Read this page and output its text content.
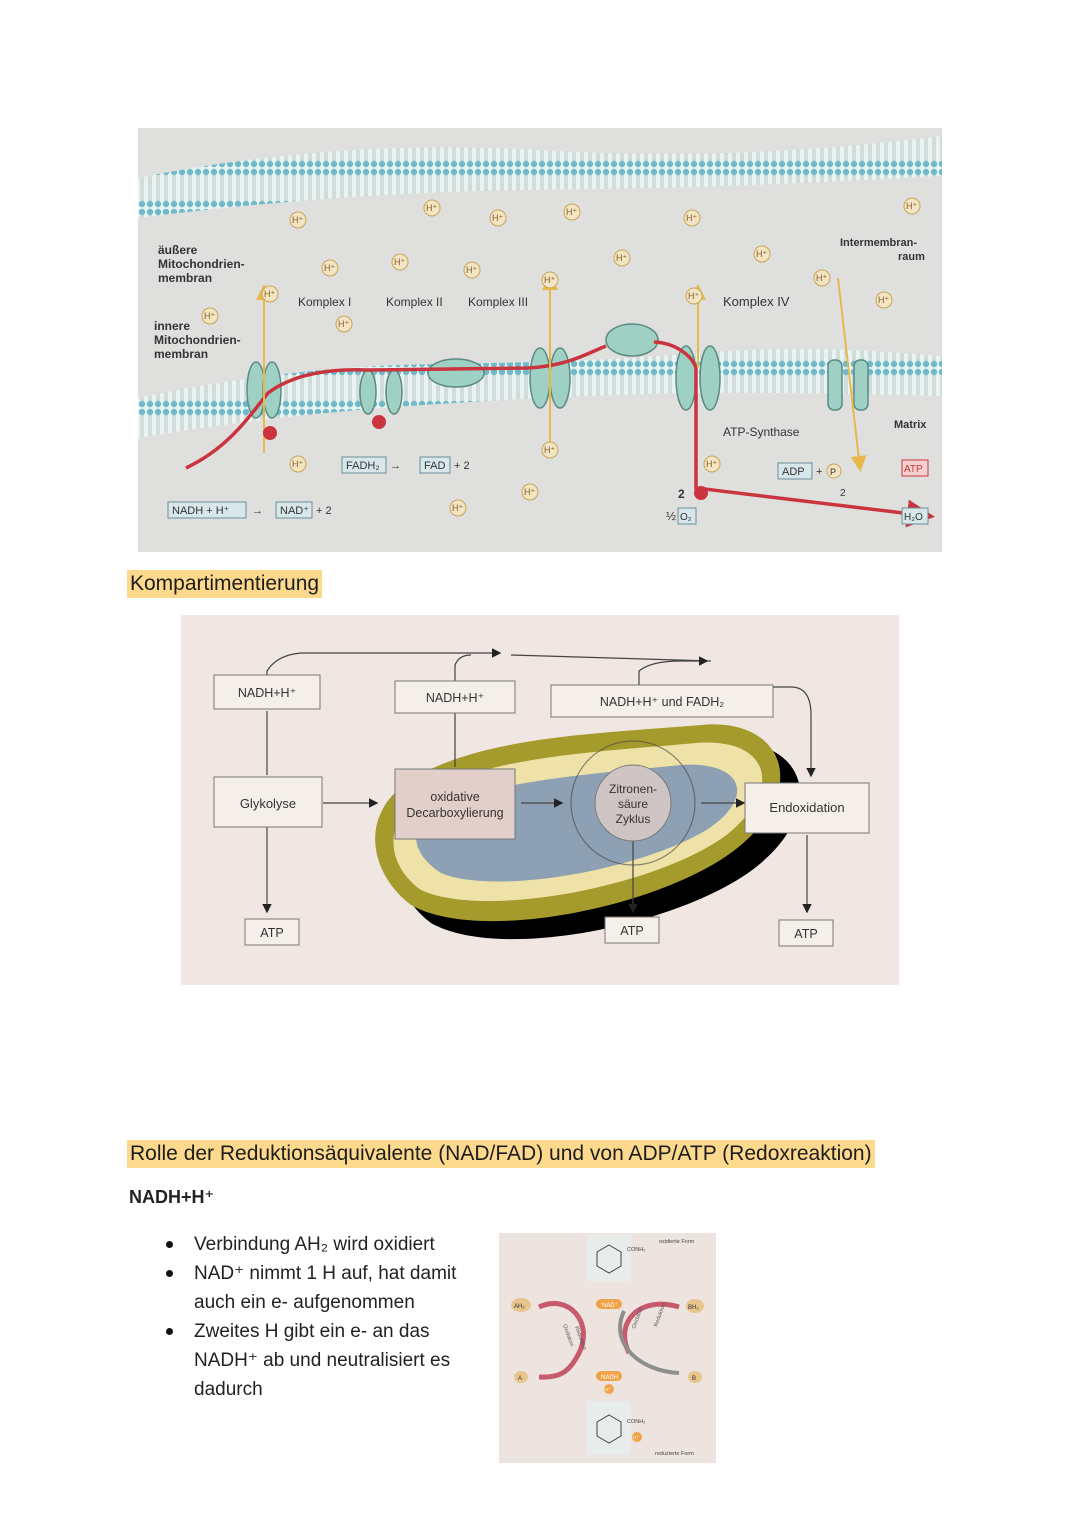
äußere
Mitochondrien-
membran
innere
Mitochondrien-
membran
Intermembran-
raum
Matrix
Komplex I	Komplex II Komplex III	Komplex IV
ATP-Synthase
H⁺
H⁺
H⁺
H⁺
H⁺
H⁺
H⁺
H⁺
H⁺
H⁺	H⁺
H⁺
H⁺
H⁺
H⁺
H⁺
H⁺
H⁺
H⁺
H⁺
H⁺
H⁺
H⁺
FADH₂ → FAD + 2
NADH + H⁺ → NAD⁺ + 2
2
½ O₂
ADP + P
2
ATP
H₂O
Kompartimentierung
NADH+H⁺	NADH+H⁺	NADH+H⁺ und FADH₂
Glykolyse	oxidative
Decarboxylierung
Zitronen-
säure
Zyklus
Endoxidation
ATP	ATP	ATP
Rolle der Reduktionsäquivalente (NAD/FAD) und von ADP/ATP (Redoxreaktion)
NADH+H⁺
Verbindung AH₂ wird oxidiert
NAD⁺ nimmt 1 H auf, hat damit auch ein e- aufgenommen
Zweites H gibt ein e- an das NADH⁺ ab und neutralisiert es dadurch
CONH₂
oxidierte Form
CONH₂
reduzierte Form
AH₂
A
BH₂
B
NAD⁺
NADH
H⁺
H⁺
Oxidation
Reduktion
Oxidation Reduktion
